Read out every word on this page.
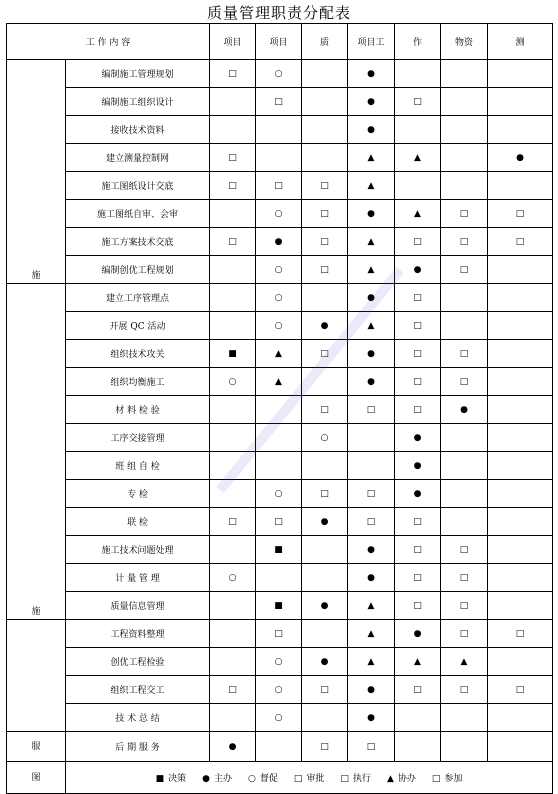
质量管理职责分配表
工 作 内 容		项目	项目	质	项目工	作	物资	测
施	编制施工管理规划	□	○		●			
	编制施工组织设计		□		●	□		
	接收技术资料				●			
	建立测量控制网	□			▲	▲		●
	施工图纸设计交底	□	□	□	▲			
	施工图纸自审、会审		○	□	●	▲	□	□
	施工方案技术交底	□	●	□	▲	□	□	□
	编制创优工程规划		○	□	▲	●	□	
施	建立工序管理点		○		●	□		
	开展 QC 活动		○	●	▲	□		
	组织技术攻关	■	▲	□	●	□	□	
	组织均衡施工	○	▲		●	□	□	
	材 料 检 验			□	□	□	●	
	工序交接管理			○		●		
	班 组 自 检					●		
	专 检		○	□	□	●		
	联 检	□	□	●	□	□		
	施工技术问题处理		■		●	□	□	
	计 量 管 理	○			●	□	□	
	质量信息管理		■	●	▲	□	□	
	工程资料整理		□		▲	●	□	□
	创优工程检验		○	●	▲	▲	▲	
	组织工程交工	□	○	□	●	□	□	□
	技 术 总 结		○		●			
服	后 期 服 务	●		□	□			
图	■ 决策 ● 主办 ○ 督促 □ 审批 □ 执行 ▲ 协办 □ 参加							
